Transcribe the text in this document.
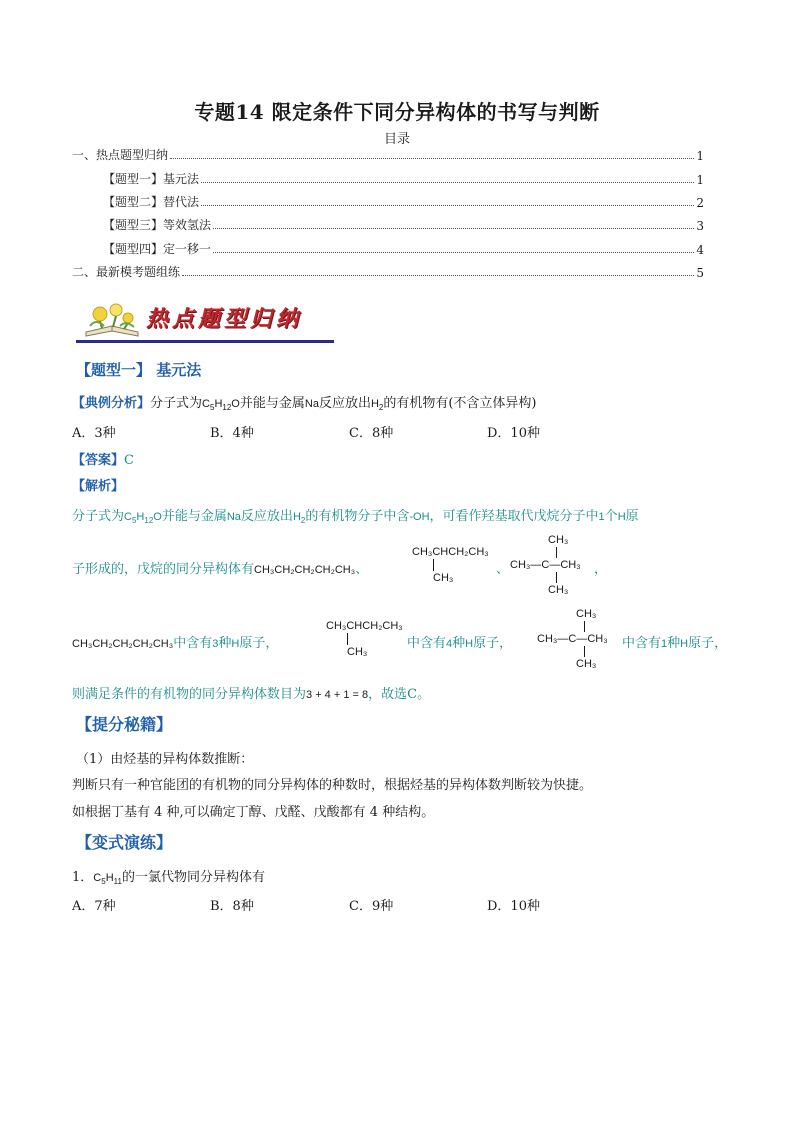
专题14 限定条件下同分异构体的书写与判断
目录
一、热点题型归纳	1
【题型一】基元法	1
【题型二】替代法	2
【题型三】等效氢法	3
【题型四】定一移一	4
二、最新模考题组练	5
热点题型归纳
【题型一】 基元法
【典例分析】分子式为$C_5H_{12}O$并能与金属Na反应放出$H_2$的有机物有(不含立体异构)
A．3种	B．4种	C．8种	D．10种
【答案】C
【解析】
分子式为$C_5H_{12}O$并能与金属Na反应放出$H_2$的有机物分子中含-OH，可看作羟基取代戊烷分子中1个H原
子形成的，戊烷的同分异构体有CH₃CH₂CH₂CH₂CH₃、
CH₃CHCH₂CH₃
CH₃
、
CH₃
CH₃—C—CH₃
CH₃
，
CH₃CH₂CH₂CH₂CH₃中含有3种H原子，
CH₃CHCH₂CH₃
CH₃
中含有4种H原子，
CH₃
CH₃—C—CH₃
CH₃
中含有1种H原子，
则满足条件的有机物的同分异构体数目为3 + 4 + 1 = 8，故选C。
【提分秘籍】
（1）由烃基的异构体数推断：
判断只有一种官能团的有机物的同分异构体的种数时，根据烃基的异构体数判断较为快捷。
如根据丁基有 4 种,可以确定丁醇、戊醛、戊酸都有 4 种结构。
【变式演练】
1．$C_5H_{11}$的一氯代物同分异构体有
A．7种	B．8种	C．9种	D．10种
